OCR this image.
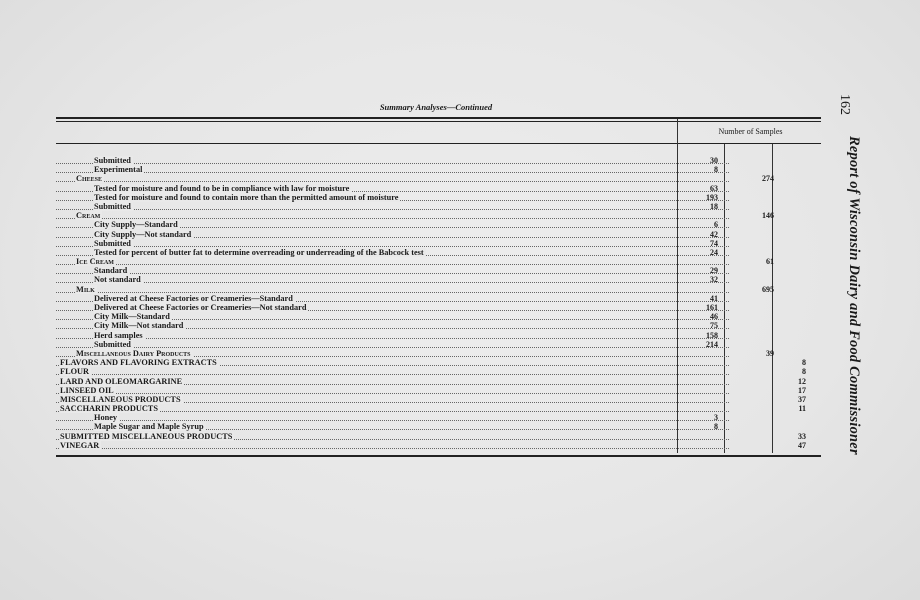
Summary Analyses—Continued
Number of Samples
Submitted	30
Experimental	8
Cheese	274
Tested for moisture and found to be in compliance with law for moisture	63
Tested for moisture and found to contain more than the permitted amount of moisture	193
Submitted	18
Cream	146
City Supply—Standard	6
City Supply—Not standard	42
Submitted	74
Tested for percent of butter fat to determine overreading or underreading of the Babcock test	24
Ice Cream	61
Standard	29
Not standard	32
Milk	695
Delivered at Cheese Factories or Creameries—Standard	41
Delivered at Cheese Factories or Creameries—Not standard	161
City Milk—Standard	46
City Milk—Not standard	75
Herd samples	158
Submitted	214
Miscellaneous Dairy Products	39
FLAVORS AND FLAVORING EXTRACTS	8
FLOUR	8
LARD AND OLEOMARGARINE	12
LINSEED OIL	17
MISCELLANEOUS PRODUCTS	37
SACCHARIN PRODUCTS	11
Honey	3
Maple Sugar and Maple Syrup	8
SUBMITTED MISCELLANEOUS PRODUCTS	33
VINEGAR	47
162
Report of Wisconsin Dairy and Food Commissioner
